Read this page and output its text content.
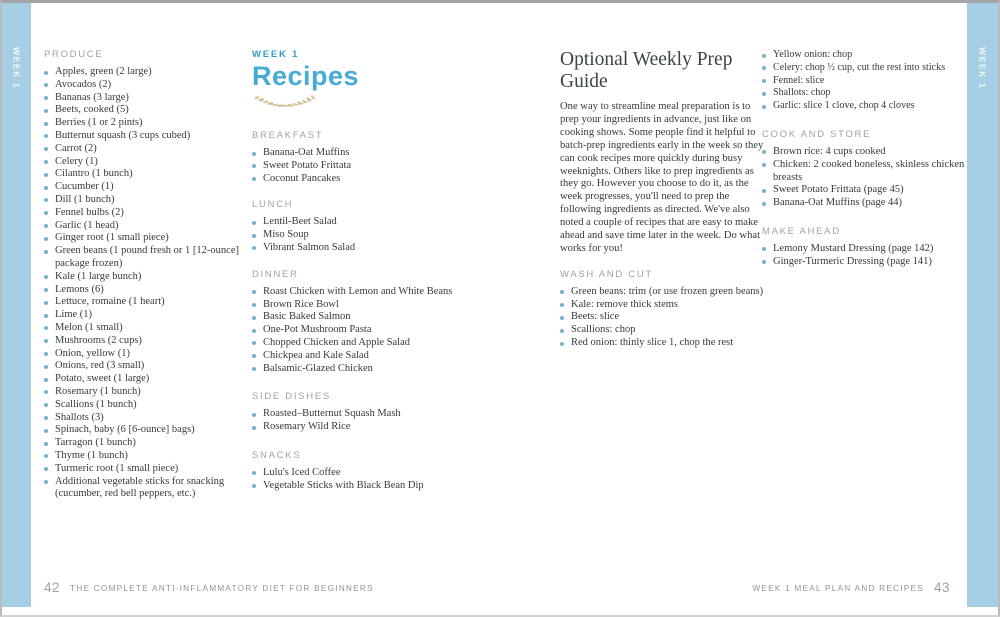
WEEK 1	WEEK 1
PRODUCE
Apples, green (2 large)
Avocados (2)
Bananas (3 large)
Beets, cooked (5)
Berries (1 or 2 pints)
Butternut squash (3 cups cubed)
Carrot (2)
Celery (1)
Cilantro (1 bunch)
Cucumber (1)
Dill (1 bunch)
Fennel bulbs (2)
Garlic (1 head)
Ginger root (1 small piece)
Green beans (1 pound fresh or 1 [12-ounce] package frozen)
Kale (1 large bunch)
Lemons (6)
Lettuce, romaine (1 heart)
Lime (1)
Melon (1 small)
Mushrooms (2 cups)
Onion, yellow (1)
Onions, red (3 small)
Potato, sweet (1 large)
Rosemary (1 bunch)
Scallions (1 bunch)
Shallots (3)
Spinach, baby (6 [6-ounce] bags)
Tarragon (1 bunch)
Thyme (1 bunch)
Turmeric root (1 small piece)
Additional vegetable sticks for snacking (cucumber, red bell peppers, etc.)

WEEK 1

Recipes
BREAKFAST
Banana-Oat Muffins
Sweet Potato Frittata
Coconut Pancakes
LUNCH
Lentil-Beet Salad
Miso Soup
Vibrant Salmon Salad
DINNER
Roast Chicken with Lemon and White Beans
Brown Rice Bowl
Basic Baked Salmon
One-Pot Mushroom Pasta
Chopped Chicken and Apple Salad
Chickpea and Kale Salad
Balsamic-Glazed Chicken
SIDE DISHES
Roasted–Butternut Squash Mash
Rosemary Wild Rice
SNACKS
Lulu's Iced Coffee
Vegetable Sticks with Black Bean Dip
Optional Weekly Prep Guide

One way to streamline meal preparation is to prep your ingredients in advance, just like on cooking shows. Some people find it helpful to batch-prep ingredients early in the week so they can cook recipes more quickly during busy weeknights. Others like to prep ingredients as they go. However you choose to do it, as the week progresses, you'll need to prep the following ingredients as directed. We've also noted a couple of recipes that are easy to make ahead and save time later in the week. Do what works for you!

WASH AND CUT
Green beans: trim (or use frozen green beans)
Kale: remove thick stems
Beets: slice
Scallions: chop
Red onion: thinly slice 1, chop the rest
Yellow onion: chop
Celery: chop ½ cup, cut the rest into sticks
Fennel: slice
Shallots: chop
Garlic: slice 1 clove, chop 4 cloves
COOK AND STORE
Brown rice: 4 cups cooked
Chicken: 2 cooked boneless, skinless chicken breasts
Sweet Potato Frittata (page 45)
Banana-Oat Muffins (page 44)
MAKE AHEAD
Lemony Mustard Dressing (page 142)
Ginger-Turmeric Dressing (page 141)
42 THE COMPLETE ANTI-INFLAMMATORY DIET FOR BEGINNERS	WEEK 1 MEAL PLAN AND RECIPES 43
